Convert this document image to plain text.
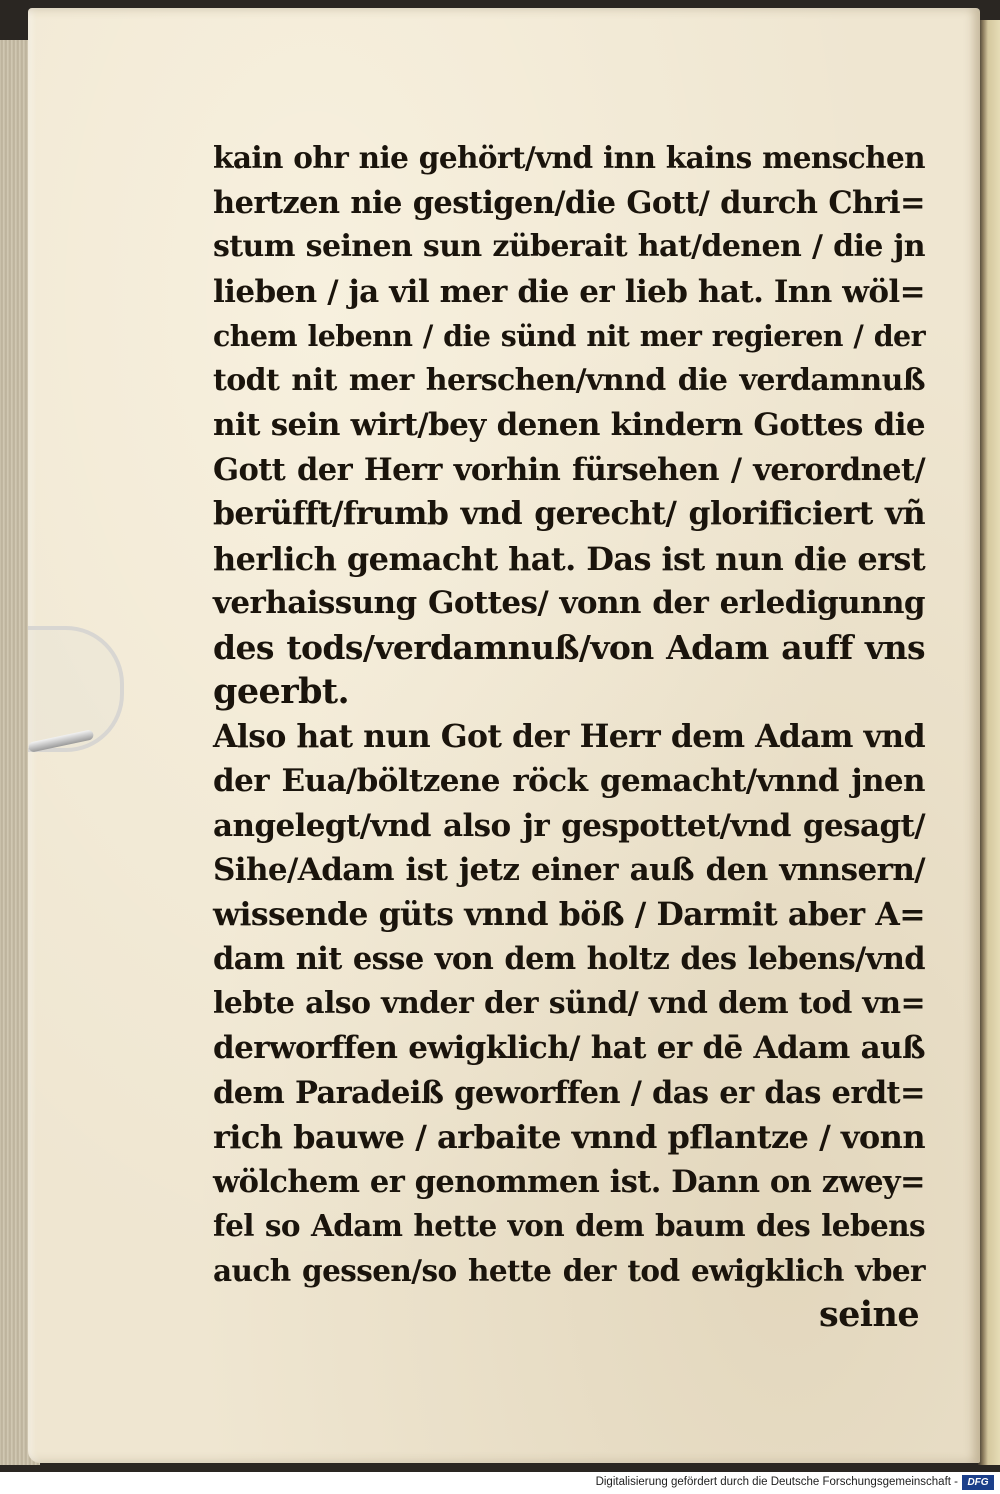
kain ohr nie gehört/vnd inn kains menschen
hertzen nie gestigen/die Gott/ durch Chri=
stum seinen sun züberait hat/denen / die jn
lieben / ja vil mer die er lieb hat. Inn wöl=
chem lebenn / die sünd nit mer regieren / der
todt nit mer herschen/vnnd die verdamnuß
nit sein wirt/bey denen kindern Gottes die
Gott der Herr vorhin fürsehen / verordnet/
berüfft/frumb vnd gerecht/ glorificiert vñ
herlich gemacht hat. Das ist nun die erst
verhaissung Gottes/ vonn der erledigunng
des tods/verdamnuß/von Adam auff vns
geerbt.
Also hat nun Got der Herr dem Adam vnd
der Eua/böltzene röck gemacht/vnnd jnen
angelegt/vnd also jr gespottet/vnd gesagt/
Sihe/Adam ist jetz einer auß den vnnsern/
wissende güts vnnd böß / Darmit aber A=
dam nit esse von dem holtz des lebens/vnd
lebte also vnder der sünd/ vnd dem tod vn=
derworffen ewigklich/ hat er dē Adam auß
dem Paradeiß geworffen / das er das erdt=
rich bauwe / arbaite vnnd pflantze / vonn
wölchem er genommen ist. Dann on zwey=
fel so Adam hette von dem baum des lebens
auch gessen/so hette der tod ewigklich vber
seine
Digitalisierung gefördert durch die Deutsche Forschungsgemeinschaft - DFG
